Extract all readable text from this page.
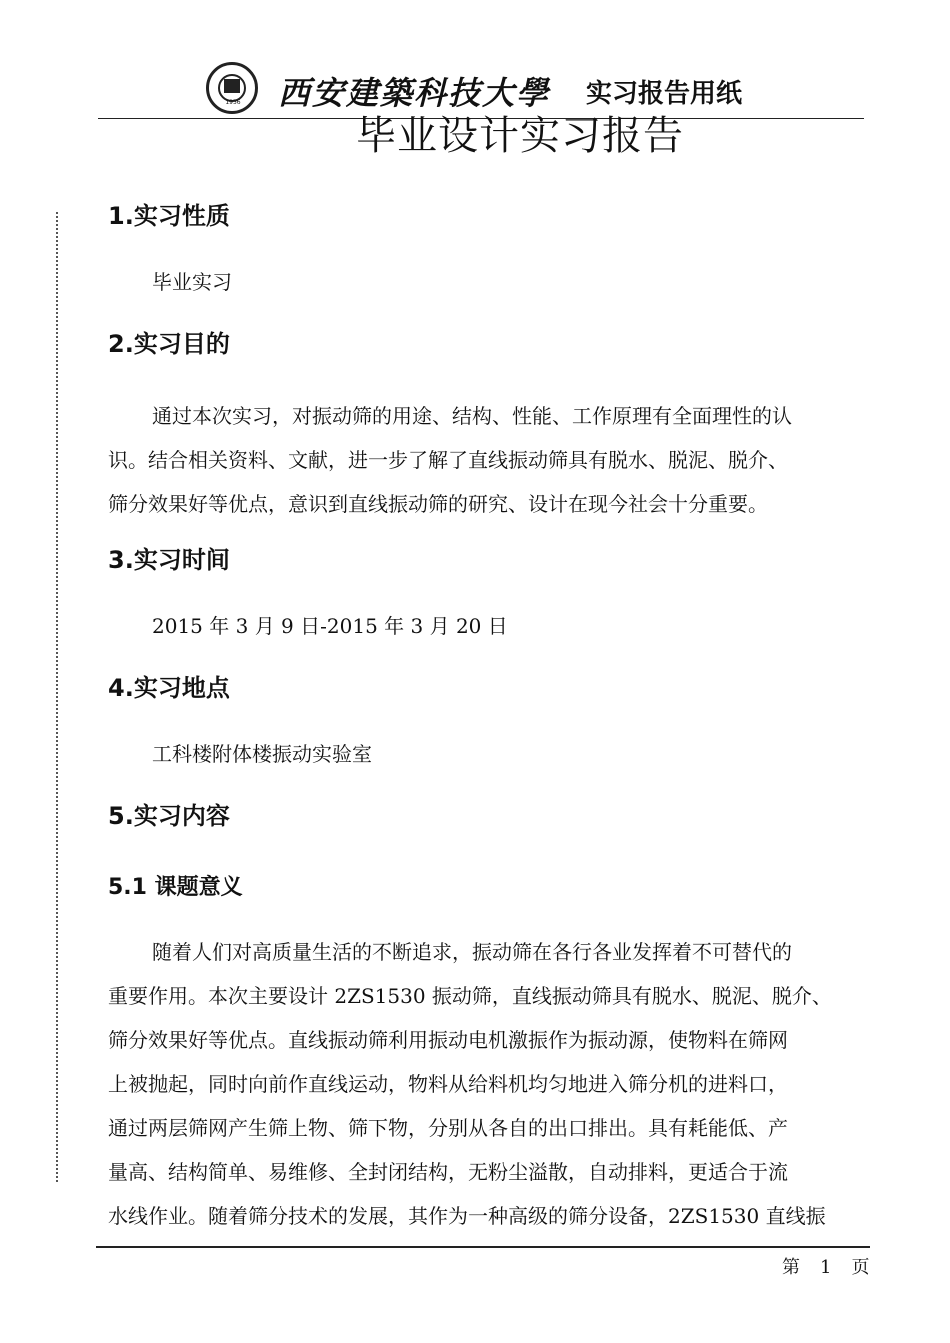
1956	西安建築科技大學 实习报告用纸
毕业设计实习报告
1.实习性质
毕业实习
2.实习目的
通过本次实习，对振动筛的用途、结构、性能、工作原理有全面理性的认
识。结合相关资料、文献，进一步了解了直线振动筛具有脱水、脱泥、脱介、
筛分效果好等优点，意识到直线振动筛的研究、设计在现今社会十分重要。
3.实习时间
2015 年 3 月 9 日-2015 年 3 月 20 日
4.实习地点
工科楼附体楼振动实验室
5.实习内容
5.1 课题意义
随着人们对高质量生活的不断追求，振动筛在各行各业发挥着不可替代的
重要作用。本次主要设计 2ZS1530 振动筛，直线振动筛具有脱水、脱泥、脱介、
筛分效果好等优点。直线振动筛利用振动电机激振作为振动源，使物料在筛网
上被抛起，同时向前作直线运动，物料从给料机均匀地进入筛分机的进料口，
通过两层筛网产生筛上物、筛下物，分别从各自的出口排出。具有耗能低、产
量高、结构简单、易维修、全封闭结构，无粉尘溢散，自动排料，更适合于流
水线作业。随着筛分技术的发展，其作为一种高级的筛分设备，2ZS1530 直线振
第 1 页
